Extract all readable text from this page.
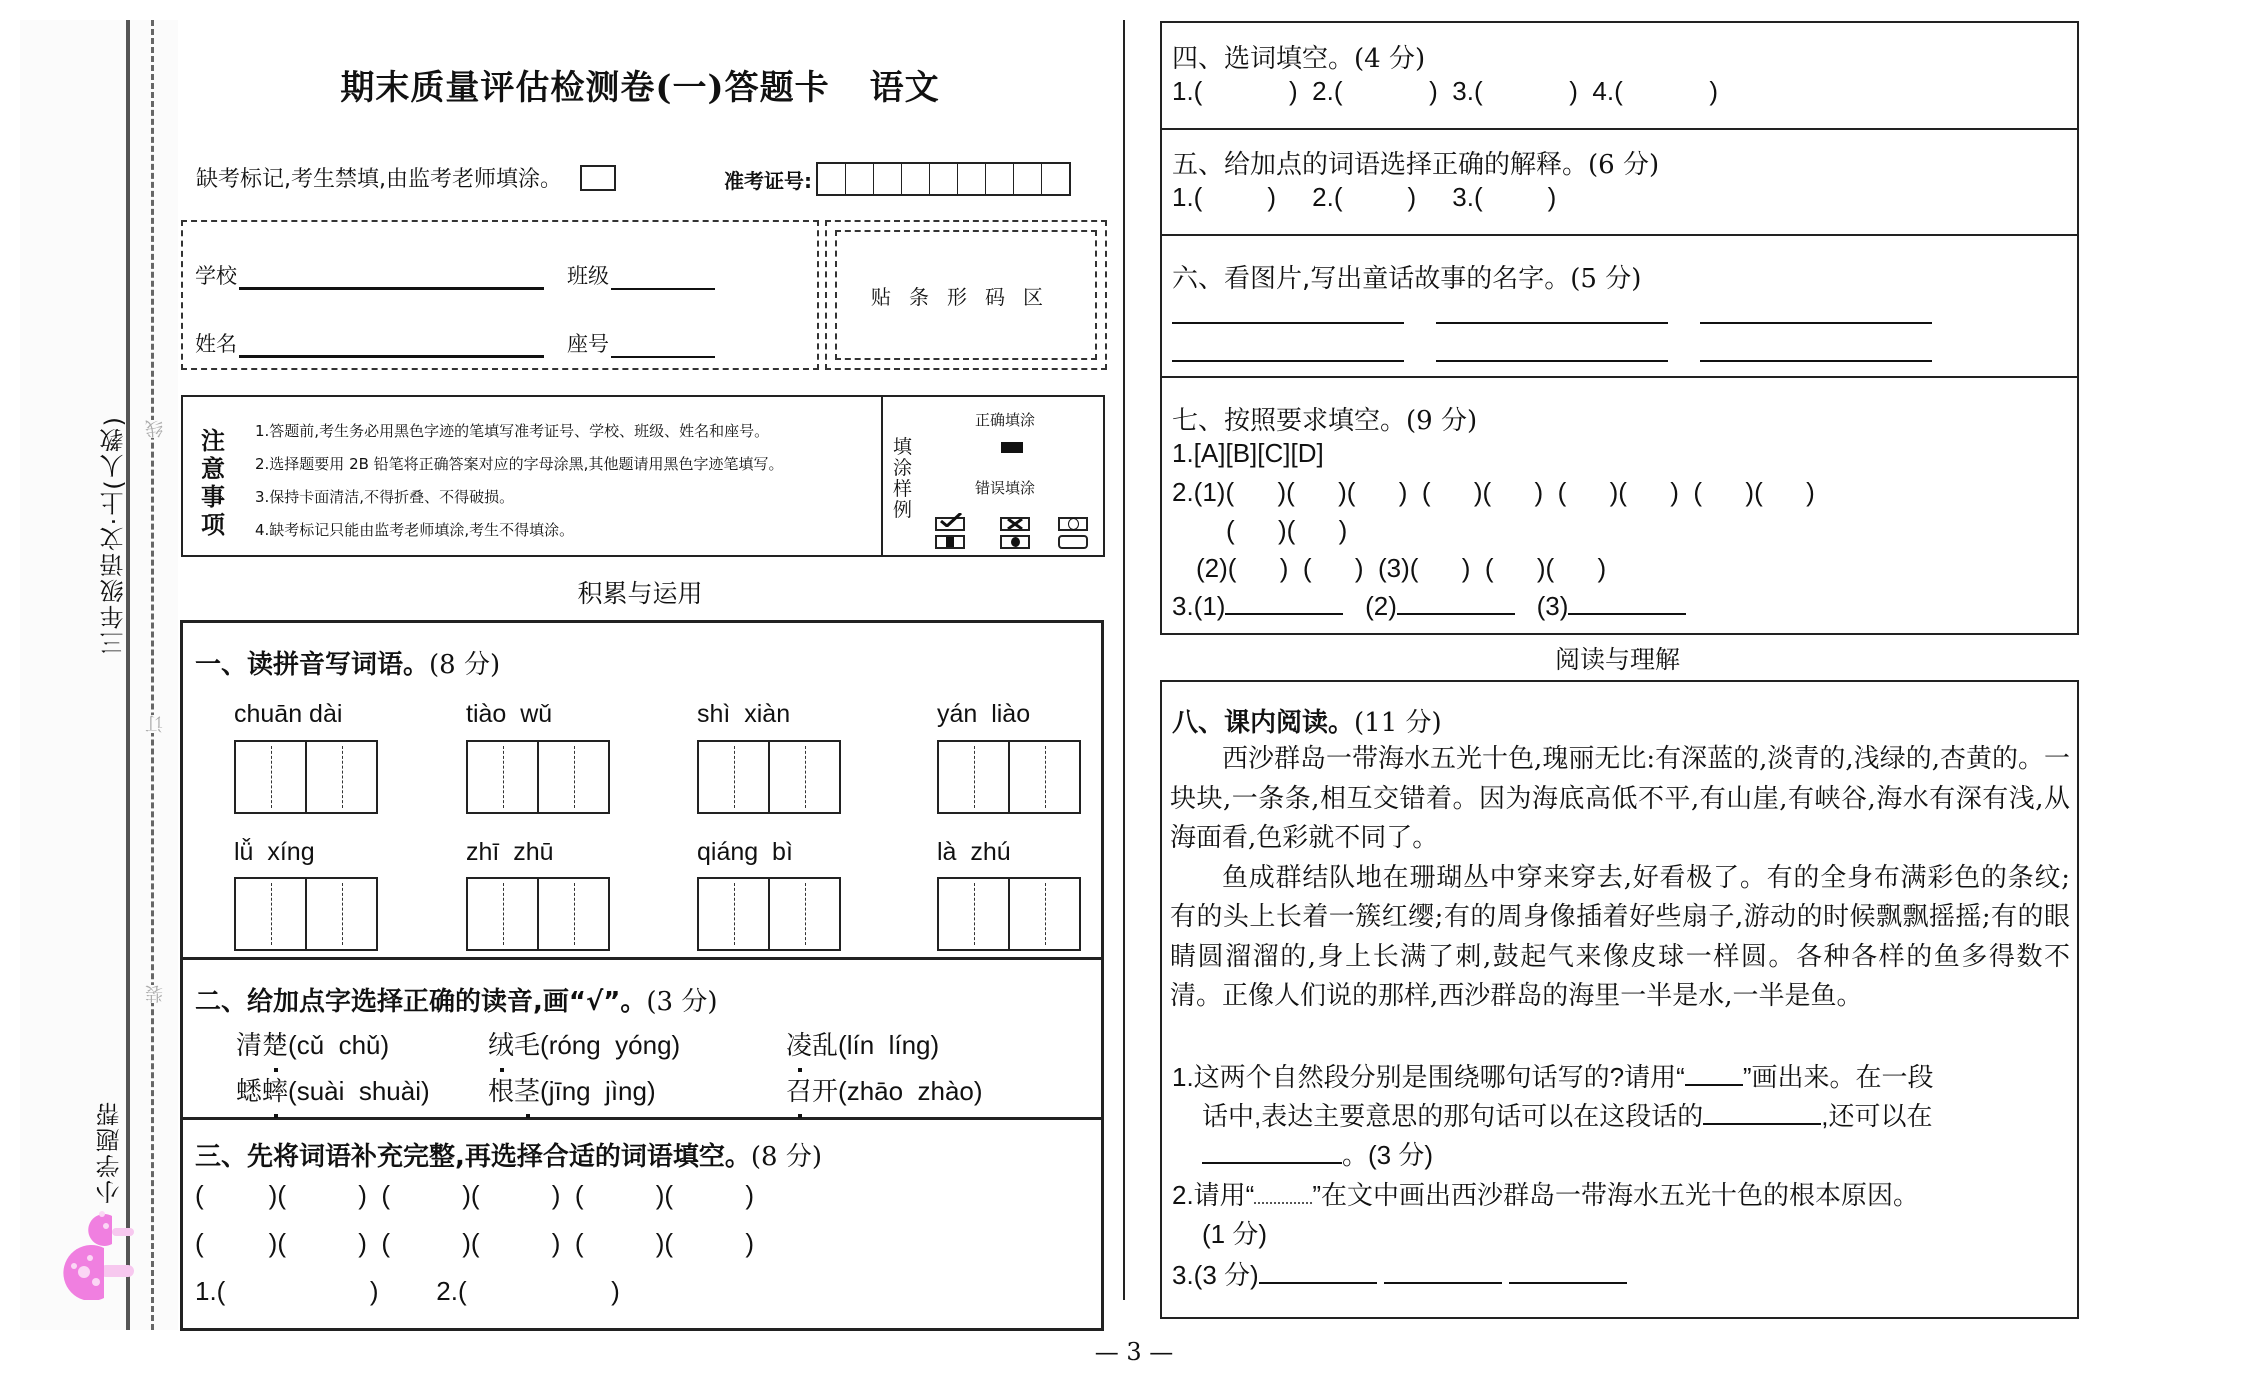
三年级语文·上(人教) 线
订
装
小学题帮
期末质量评估检测卷(一)答题卡 语文
缺考标记,考生禁填,由监考老师填涂。	准考证号:
学校	班级
姓名	座号
贴条形码区
注意事项
1.答题前,考生务必用黑色字迹的笔填写准考证号、学校、班级、姓名和座号。
2.选择题要用 2B 铅笔将正确答案对应的字母涂黑,其他题请用黑色字迹笔填写。
3.保持卡面清洁,不得折叠、不得破损。
4.缺考标记只能由监考老师填涂,考生不得填涂。
填涂样例
正确填涂
错误填涂
积累与运用
一、读拼音写词语。(8 分)
chuān dài	tiào  wǔ	shì  xiàn	yán  liào
lǚ  xíng	zhī  zhū	qiáng  bì	là  zhú
二、给加点字选择正确的读音,画“√”。(3 分)
清楚(cǔ  chǔ)	绒毛(róng  yóng)	凌乱(lín  líng)
蟋蟀(suài  shuài) 根茎(jīng  jìng)	召开(zhāo  zhào)
三、先将词语补充完整,再选择合适的词语填空。(8 分)
(         )(          )  (          )(          )  (          )(          )
(         )(          )  (          )(          )  (          )(          )
1.(                    )        2.(                    )
四、选词填空。(4 分)
1.(            )  2.(            )  3.(            )  4.(            )
五、给加点的词语选择正确的解释。(6 分)
1.(         )     2.(         )     3.(         )
六、看图片,写出童话故事的名字。(5 分)
七、按照要求填空。(9 分)
1.[A][B][C][D]
2.(1)(      )(      )(      )  (      )(      )  (      )(      )  (      )(      )
(      )(      )
(2)(      )  (      )  (3)(      )  (      )(      )
3.(1)	(2)	(3)
阅读与理解
八、课内阅读。(11 分)

西沙群岛一带海水五光十色,瑰丽无比:有深蓝的,淡青的,浅绿的,杏黄的。一块块,一条条,相互交错着。因为海底高低不平,有山崖,有峡谷,海水有深有浅,从海面看,色彩就不同了。

鱼成群结队地在珊瑚丛中穿来穿去,好看极了。有的全身布满彩色的条纹;有的头上长着一簇红缨;有的周身像插着好些扇子,游动的时候飘飘摇摇;有的眼睛圆溜溜的,身上长满了刺,鼓起气来像皮球一样圆。各种各样的鱼多得数不清。正像人们说的那样,西沙群岛的海里一半是水,一半是鱼。

1.这两个自然段分别是围绕哪句话写的?请用“ ”画出来。在一段
话中,表达主要意思的那句话可以在这段话的	,还可以在
。(3 分)
2.请用“ ”在文中画出西沙群岛一带海水五光十色的根本原因。
(1 分)
3.(3 分)
— 3 —
